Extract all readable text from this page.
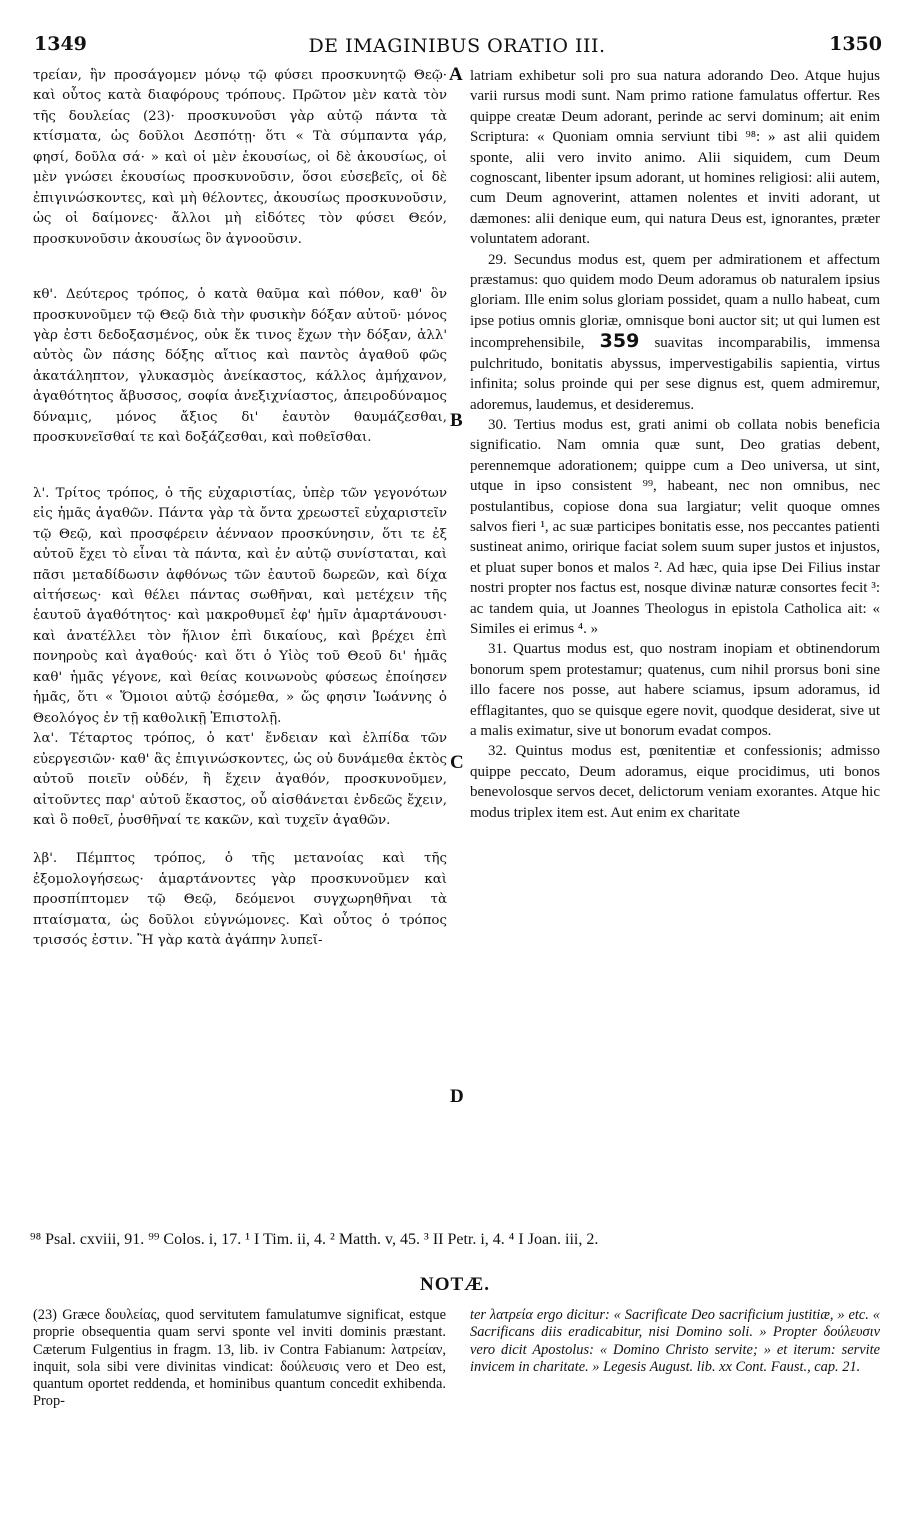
1349	DE IMAGINIBUS ORATIO III.	1350

τρείαν, ἣν προσάγομεν μόνῳ τῷ φύσει προσκυνητῷ Θεῷ· καὶ οὗτος κατὰ διαφόρους τρόπους. Πρῶτον μὲν κατὰ τὸν τῆς δουλείας (23)· προσκυνοῦσι γὰρ αὐτῷ πάντα τὰ κτίσματα, ὡς δοῦλοι Δεσπότῃ· ὅτι « Τὰ σύμπαντα γάρ, φησί, δοῦλα σά· » καὶ οἱ μὲν ἑκουσίως, οἱ δὲ ἀκουσίως, οἱ μὲν γνώσει ἑκουσίως προσκυνοῦσιν, ὅσοι εὐσεβεῖς, οἱ δὲ ἐπιγινώσκοντες, καὶ μὴ θέλοντες, ἀκουσίως προσκυνοῦσιν, ὡς οἱ δαίμονες· ἄλλοι μὴ εἰδότες τὸν φύσει Θεόν, προσκυνοῦσιν ἀκουσίως ὃν ἀγνοοῦσιν.

κθ'. Δεύτερος τρόπος, ὁ κατὰ θαῦμα καὶ πόθον, καθ' ὃν προσκυνοῦμεν τῷ Θεῷ διὰ τὴν φυσικὴν δόξαν αὐτοῦ· μόνος γὰρ ἐστι δεδοξασμένος, οὐκ ἔκ τινος ἔχων τὴν δόξαν, ἀλλ' αὐτὸς ὢν πάσης δόξης αἴτιος καὶ παντὸς ἀγαθοῦ φῶς ἀκατάληπτον, γλυκασμὸς ἀνείκαστος, κάλλος ἀμήχανον, ἀγαθότητος ἄβυσσος, σοφία ἀνεξιχνίαστος, ἀπειροδύναμος δύναμις, μόνος ἄξιος δι' ἑαυτὸν θαυμάζεσθαι, προσκυνεῖσθαί τε καὶ δοξάζεσθαι, καὶ ποθεῖσθαι.

λ'. Τρίτος τρόπος, ὁ τῆς εὐχαριστίας, ὑπὲρ τῶν γεγονότων εἰς ἡμᾶς ἀγαθῶν. Πάντα γὰρ τὰ ὄντα χρεωστεῖ εὐχαριστεῖν τῷ Θεῷ, καὶ προσφέρειν ἀένναον προσκύνησιν, ὅτι τε ἐξ αὐτοῦ ἔχει τὸ εἶναι τὰ πάντα, καὶ ἐν αὐτῷ συνίσταται, καὶ πᾶσι μεταδίδωσιν ἀφθόνως τῶν ἑαυτοῦ δωρεῶν, καὶ δίχα αἰτήσεως· καὶ θέλει πάντας σωθῆναι, καὶ μετέχειν τῆς ἑαυτοῦ ἀγαθότητος· καὶ μακροθυμεῖ ἐφ' ἡμῖν ἁμαρτάνουσι· καὶ ἀνατέλλει τὸν ἥλιον ἐπὶ δικαίους, καὶ βρέχει ἐπὶ πονηροὺς καὶ ἀγαθούς· καὶ ὅτι ὁ Υἱὸς τοῦ Θεοῦ δι' ἡμᾶς καθ' ἡμᾶς γέγονε, καὶ θείας κοινωνοὺς φύσεως ἐποίησεν ἡμᾶς, ὅτι « Ὅμοιοι αὐτῷ ἐσόμεθα, » ὥς φησιν Ἰωάννης ὁ Θεολόγος ἐν τῇ καθολικῇ Ἐπιστολῇ.

λα'. Τέταρτος τρόπος, ὁ κατ' ἔνδειαν καὶ ἐλπίδα τῶν εὐεργεσιῶν· καθ' ἃς ἐπιγινώσκοντες, ὡς οὐ δυνάμεθα ἐκτὸς αὐτοῦ ποιεῖν οὐδέν, ἢ ἔχειν ἀγαθόν, προσκυνοῦμεν, αἰτοῦντες παρ' αὐτοῦ ἕκαστος, οὗ αἰσθάνεται ἐνδεῶς ἔχειν, καὶ ὃ ποθεῖ, ῥυσθῆναί τε κακῶν, καὶ τυχεῖν ἀγαθῶν.

λβ'. Πέμπτος τρόπος, ὁ τῆς μετανοίας καὶ τῆς ἐξομολογήσεως· ἁμαρτάνοντες γὰρ προσκυνοῦμεν καὶ προσπίπτομεν τῷ Θεῷ, δεόμενοι συγχωρηθῆναι τὰ πταίσματα, ὡς δοῦλοι εὐγνώμονες. Καὶ οὗτος ὁ τρόπος τρισσός ἐστιν. Ἢ γὰρ κατὰ ἀγάπην λυπεῖ-

A
B
C
D

latriam exhibetur soli pro sua natura adorando Deo. Atque hujus varii rursus modi sunt. Nam primo ratione famulatus offertur. Res quippe creatæ Deum adorant, perinde ac servi dominum; ait enim Scriptura: « Quoniam omnia serviunt tibi ⁹⁸: » ast alii quidem sponte, alii vero invito animo. Alii siquidem, cum Deum cognoscant, libenter ipsum adorant, ut homines religiosi: alii autem, cum Deum agnoverint, attamen nolentes et inviti adorant, ut dæmones: alii denique eum, qui natura Deus est, ignorantes, præter voluntatem adorant.

29. Secundus modus est, quem per admirationem et affectum præstamus: quo quidem modo Deum adoramus ob naturalem ipsius gloriam. Ille enim solus gloriam possidet, quam a nullo habeat, cum ipse potius omnis gloriæ, omnisque boni auctor sit; ut qui lumen est incomprehensibile, 359 suavitas incomparabilis, immensa pulchritudo, bonitatis abyssus, impervestigabilis sapientia, virtus infinita; solus proinde qui per sese dignus est, quem admiremur, adoremus, laudemus, et desideremus.

30. Tertius modus est, grati animi ob collata nobis beneficia significatio. Nam omnia quæ sunt, Deo gratias debent, perennemque adorationem; quippe cum a Deo universa, ut sint, utque in ipso consistent ⁹⁹, habeant, nec non omnibus, nec postulantibus, copiose dona sua largiatur; velit quoque omnes salvos fieri ¹, ac suæ participes bonitatis esse, nos peccantes patienti sustineat animo, oririque faciat solem suum super justos et injustos, et pluat super bonos et malos ². Ad hæc, quia ipse Dei Filius instar nostri propter nos factus est, nosque divinæ naturæ consortes fecit ³: ac tandem quia, ut Joannes Theologus in epistola Catholica ait: « Similes ei erimus ⁴. »

31. Quartus modus est, quo nostram inopiam et obtinendorum bonorum spem protestamur; quatenus, cum nihil prorsus boni sine illo facere nos posse, aut habere sciamus, ipsum adoramus, id efflagitantes, quo se quisque egere novit, quodque desiderat, sive ut a malis eximatur, sive ut bonorum evadat compos.

32. Quintus modus est, pœnitentiæ et confessionis; admisso quippe peccato, Deum adoramus, eique procidimus, uti bonos benevolosque servos decet, delictorum veniam exorantes. Atque hic modus triplex item est. Aut enim ex charitate

⁹⁸ Psal. cxviii, 91. ⁹⁹ Colos. i, 17. ¹ I Tim. ii, 4. ² Matth. v, 45. ³ II Petr. i, 4. ⁴ I Joan. iii, 2.
NOTÆ.
(23) Græce δουλείας, quod servitutem famulatumve significat, estque proprie obsequentia quam servi sponte vel inviti dominis præstant. Cæterum Fulgentius in fragm. 13, lib. iv Contra Fabianum: λατρείαν, inquit, sola sibi vere divinitas vindicat: δούλευσις vero et Deo est, quantum oportet reddenda, et hominibus quantum concedit exhibenda. Prop-
ter λατρεία ergo dicitur: « Sacrificate Deo sacrificium justitiæ, » etc. « Sacrificans diis eradicabitur, nisi Domino soli. » Propter δούλευσιν vero dicit Apostolus: « Domino Christo servite; » et iterum: servite invicem in charitate. » Legesis August. lib. xx Cont. Faust., cap. 21.
